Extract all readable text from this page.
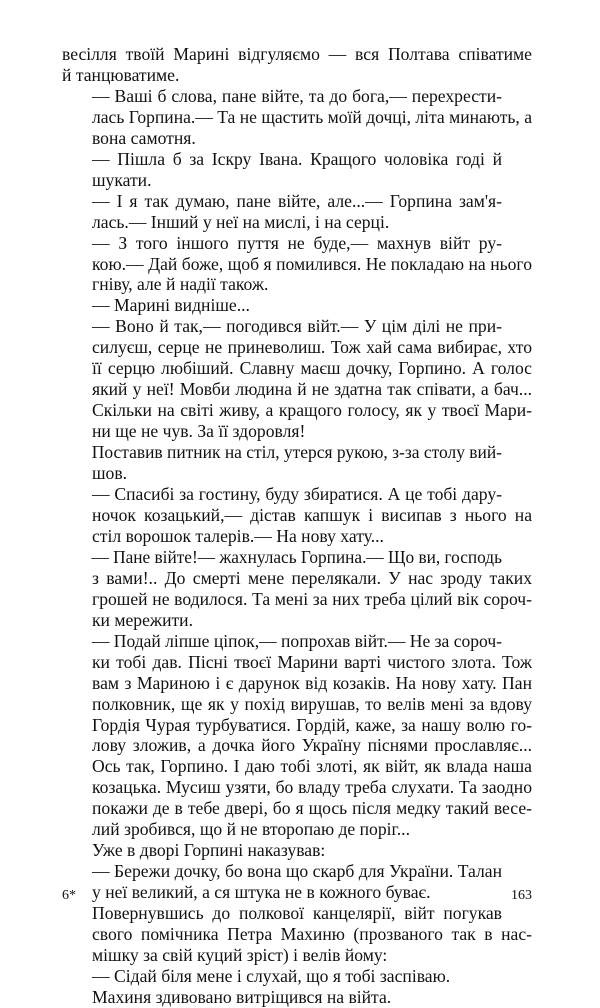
весілля твоїй Марині відгуляємо — вся Полтава співатиме
й танцюватиме.

— Ваші б слова, пане війте, та до бога,— перехрести-
лась Горпина.— Та не щастить моїй дочці, літа минають, а
вона самотня.

— Пішла б за Іскру Івана. Кращого чоловіка годі й
шукати.

— І я так думаю, пане війте, але...— Горпина зам'я-
лась.— Інший у неї на мислі, і на серці.

— З того іншого пуття не буде,— махнув війт ру-
кою.— Дай боже, щоб я помилився. Не покладаю на нього
гніву, але й надії також.

— Марині видніше...

— Воно й так,— погодився війт.— У цім ділі не при-
силуєш, серце не приневолиш. Тож хай сама вибирає, хто
її серцю любіший. Славну маєш дочку, Горпино. А голос
який у неї! Мовби людина й не здатна так співати, а бач...
Скільки на світі живу, а кращого голосу, як у твоєї Мари-
ни ще не чув. За її здоровля!

Поставив питник на стіл, утерся рукою, з-за столу вий-
шов.

— Спасибі за гостину, буду збиратися. А це тобі дару-
ночок козацький,— дістав капшук і висипав з нього на
стіл ворошок талерів.— На нову хату...

— Пане війте!— жахнулась Горпина.— Що ви, господь
з вами!.. До смерті мене перелякали. У нас зроду таких
грошей не водилося. Та мені за них треба цілий вік сороч-
ки мережити.

— Подай ліпше ціпок,— попрохав війт.— Не за сороч-
ки тобі дав. Пісні твоєї Марини варті чистого злота. Тож
вам з Мариною і є дарунок від козаків. На нову хату. Пан
полковник, ще як у похід вирушав, то велів мені за вдову
Гордія Чурая турбуватися. Гордій, каже, за нашу волю го-
лову зложив, а дочка його Україну піснями прославляє...
Ось так, Горпино. І даю тобі злоті, як війт, як влада наша
козацька. Мусиш узяти, бо владу треба слухати. Та заодно
покажи де в тебе двері, бо я щось після медку такий весе-
лий зробився, що й не второпаю де поріг...

Уже в дворі Горпині наказував:

— Бережи дочку, бо вона що скарб для України. Талан
у неї великий, а ся штука не в кожного буває.

Повернувшись до полкової канцелярії, війт погукав
свого помічника Петра Махиню (прозваного так в нас-
мішку за свій куций зріст) і велів йому:

— Сідай біля мене і слухай, що я тобі заспіваю.

Махиня здивовано витріщився на війта.

6*	163
